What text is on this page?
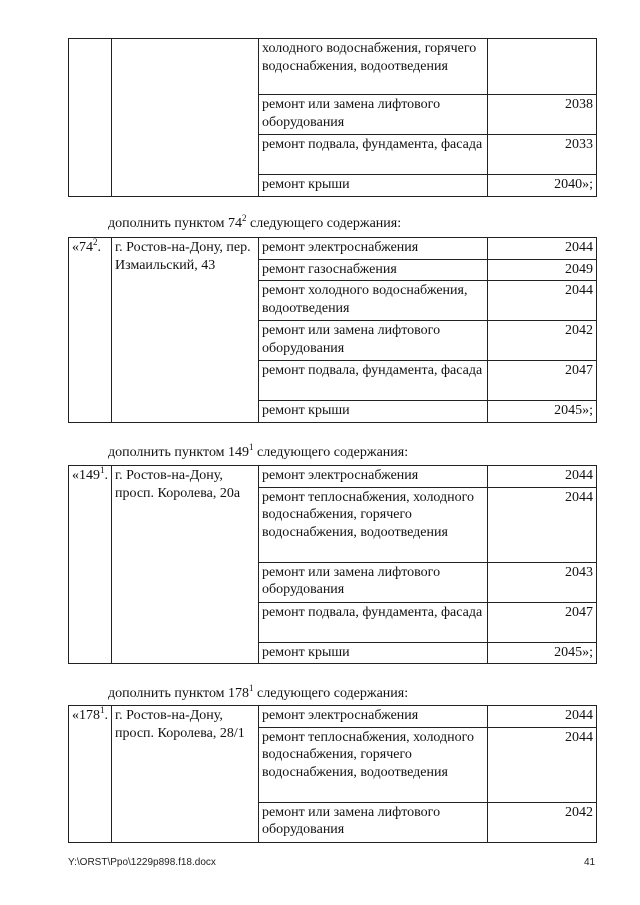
		холодного водоснабжения, горячего водоснабжения, водоотведения	
		ремонт или замена лифтового оборудования	2038
		ремонт подвала, фундамента, фасада	2033
		ремонт крыши	2040»;
дополнить пунктом $74^2$ следующего содержания:
«$74^2$.	г. Ростов-на-Дону, пер. Измаильский, 43	ремонт электроснабжения	2044
		ремонт газоснабжения	2049
		ремонт холодного водоснабжения, водоотведения	2044
		ремонт или замена лифтового оборудования	2042
		ремонт подвала, фундамента, фасада	2047
		ремонт крыши	2045»;
дополнить пунктом $149^1$ следующего содержания:
«$149^1$.	г. Ростов-на-Дону, просп. Королева, 20а	ремонт электроснабжения	2044
		ремонт теплоснабжения, холодного водоснабжения, горячего водоснабжения, водоотведения	2044
		ремонт или замена лифтового оборудования	2043
		ремонт подвала, фундамента, фасада	2047
		ремонт крыши	2045»;
дополнить пунктом $178^1$ следующего содержания:
«$178^1$.	г. Ростов-на-Дону, просп. Королева, 28/1	ремонт электроснабжения	2044
		ремонт теплоснабжения, холодного водоснабжения, горячего водоснабжения, водоотведения	2044
		ремонт или замена лифтового оборудования	2042
Y:\ORST\Ppo\1229p898.f18.docx	41
